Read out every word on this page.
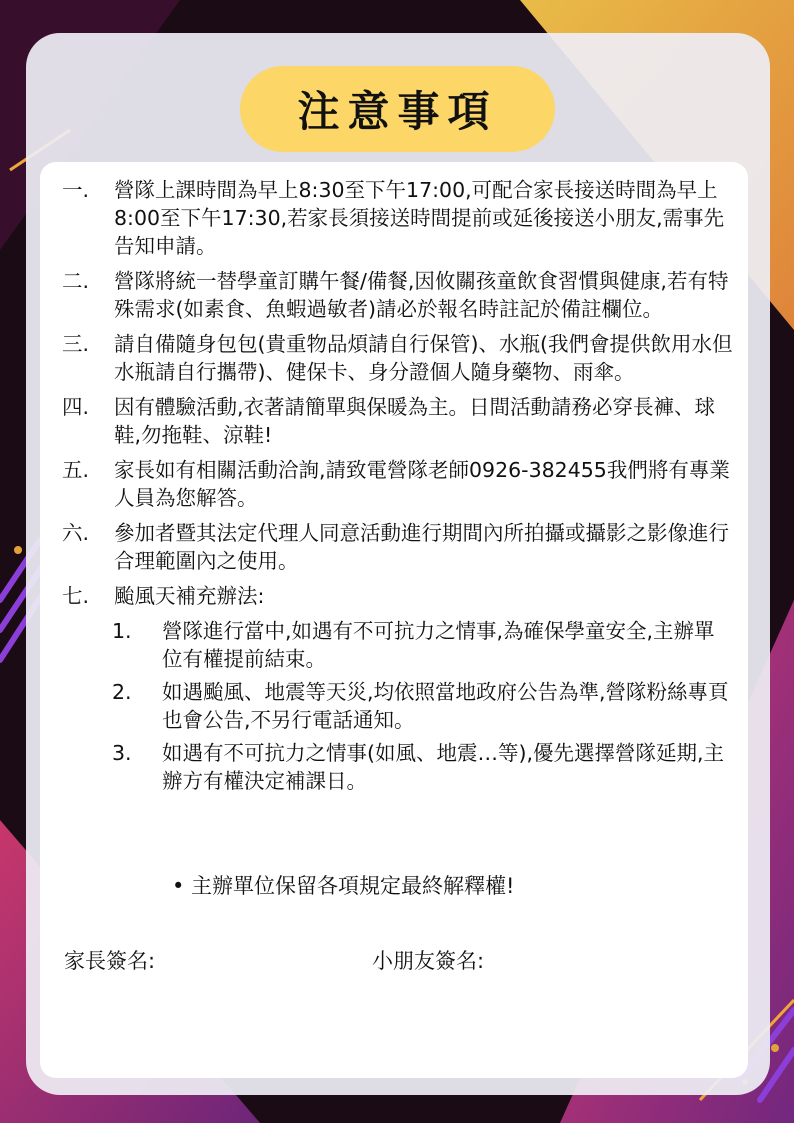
注意事項
一.	營隊上課時間為早上8:30至下午17:00,可配合家長接送時間為早上8:00至下午17:30,若家長須接送時間提前或延後接送小朋友,需事先告知申請。
二.	營隊將統一替學童訂購午餐/備餐,因攸關孩童飲食習慣與健康,若有特殊需求(如素食、魚蝦過敏者)請必於報名時註記於備註欄位。
三.	請自備隨身包包(貴重物品煩請自行保管)、水瓶(我們會提供飲用水但水瓶請自行攜帶)、健保卡、身分證個人隨身藥物、雨傘。
四.	因有體驗活動,衣著請簡單與保暖為主。日間活動請務必穿長褲、球鞋,勿拖鞋、涼鞋!
五.	家長如有相關活動洽詢,請致電營隊老師0926-382455我們將有專業人員為您解答。
六.	參加者暨其法定代理人同意活動進行期間內所拍攝或攝影之影像進行合理範圍內之使用。
七.	颱風天補充辦法:
1.	營隊進行當中,如遇有不可抗力之情事,為確保學童安全,主辦單位有權提前結束。
2.	如遇颱風、地震等天災,均依照當地政府公告為準,營隊粉絲專頁也會公告,不另行電話通知。
3.	如遇有不可抗力之情事(如風、地震…等),優先選擇營隊延期,主辦方有權決定補課日。
• 主辦單位保留各項規定最終解釋權!
家長簽名:	小朋友簽名:
